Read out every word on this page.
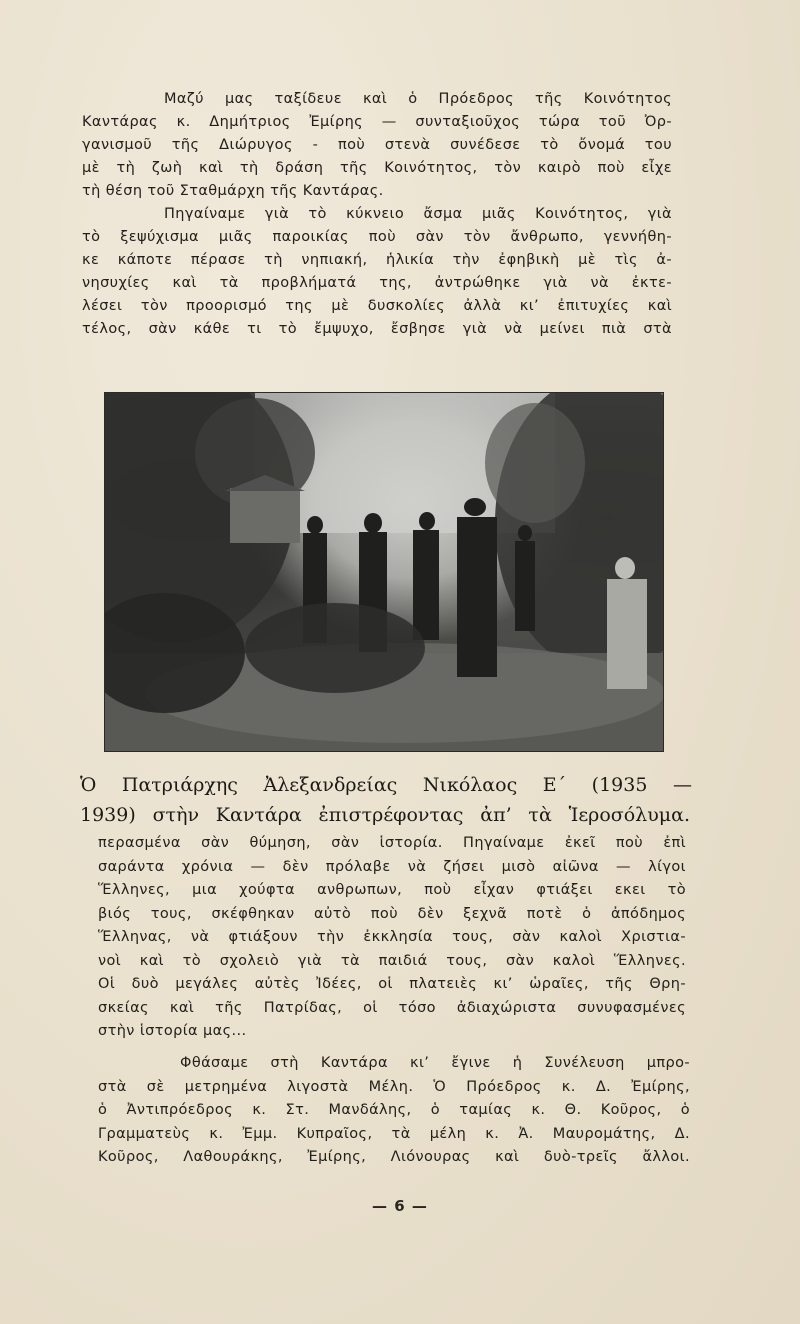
Μαζύ μας ταξίδευε καὶ ὁ Πρόεδρος τῆς Κοινότητος
Καντάρας κ. Δημήτριος Ἐμίρης — συνταξιοῦχος τώρα τοῦ Ὀρ-
γανισμοῦ τῆς Διώρυγος - ποὺ στενὰ συνέδεσε τὸ ὄνομά του
μὲ τὴ ζωὴ καὶ τὴ δράση τῆς Κοινότητος, τὸν καιρὸ ποὺ εἶχε
τὴ θέση τοῦ Σταθμάρχη τῆς Καντάρας.
Πηγαίναμε γιὰ τὸ κύκνειο ἄσμα μιᾶς Κοινότητος, γιὰ
τὸ ξεψύχισμα μιᾶς παροικίας ποὺ σὰν τὸν ἄνθρωπο, γεννήθη-
κε κάποτε πέρασε τὴ νηπιακή, ἡλικία τὴν ἐφηβικὴ μὲ τὶς ἀ-
νησυχίες καὶ τὰ προβλήματά της, ἀντρώθηκε γιὰ νὰ ἐκτε-
λέσει τὸν προορισμό της μὲ δυσκολίες ἀλλὰ κι’ ἐπιτυχίες καὶ
τέλος, σὰν κάθε τι τὸ ἔμψυχο, ἔσβησε γιὰ νὰ μείνει πιὰ στὰ
Ὁ Πατριάρχης Ἀλεξανδρείας Νικόλαος Ε΄ (1935 —
1939) στὴν Καντάρα ἐπιστρέφοντας ἀπ’ τὰ Ἱεροσόλυμα.
περασμένα σὰν θύμηση, σὰν ἱστορία. Πηγαίναμε ἐκεῖ ποὺ ἐπὶ
σαράντα χρόνια — δὲν πρόλαβε νὰ ζήσει μισὸ αἰῶνα — λίγοι
Ἕλληνες, μια χούφτα ανθρωπων, ποὺ εἶχαν φτιάξει εκει τὸ
βιός τους, σκέφθηκαν αὐτὸ ποὺ δὲν ξεχνᾶ ποτὲ ὁ ἀπόδημος
Ἕλληνας, νὰ φτιάξουν τὴν ἐκκλησία τους, σὰν καλοὶ Χριστια-
νοὶ καὶ τὸ σχολειὸ γιὰ τὰ παιδιά τους, σὰν καλοὶ Ἕλληνες.
Οἱ δυὸ μεγάλες αὐτὲς Ἰδέες, οἱ πλατειὲς κι’ ὡραῖες, τῆς Θρη-
σκείας καὶ τῆς Πατρίδας, οἱ τόσο ἀδιαχώριστα συνυφασμένες
στὴν ἱστορία μας...
Φθάσαμε στὴ Καντάρα κι’ ἔγινε ἡ Συνέλευση μπρο-
στὰ σὲ μετρημένα λιγοστὰ Μέλη. Ὁ Πρόεδρος κ. Δ. Ἐμίρης,
ὁ Ἀντιπρόεδρος κ. Στ. Μανδάλης, ὁ ταμίας κ. Θ. Κοῦρος, ὁ
Γραμματεὺς κ. Ἐμμ. Κυπραῖος, τὰ μέλη κ. Ἀ. Μαυρομάτης, Δ.
Κοῦρος, Λαθουράκης, Ἐμίρης, Λιόνουρας καὶ δυὸ-τρεῖς ἄλλοι.
— 6 —
